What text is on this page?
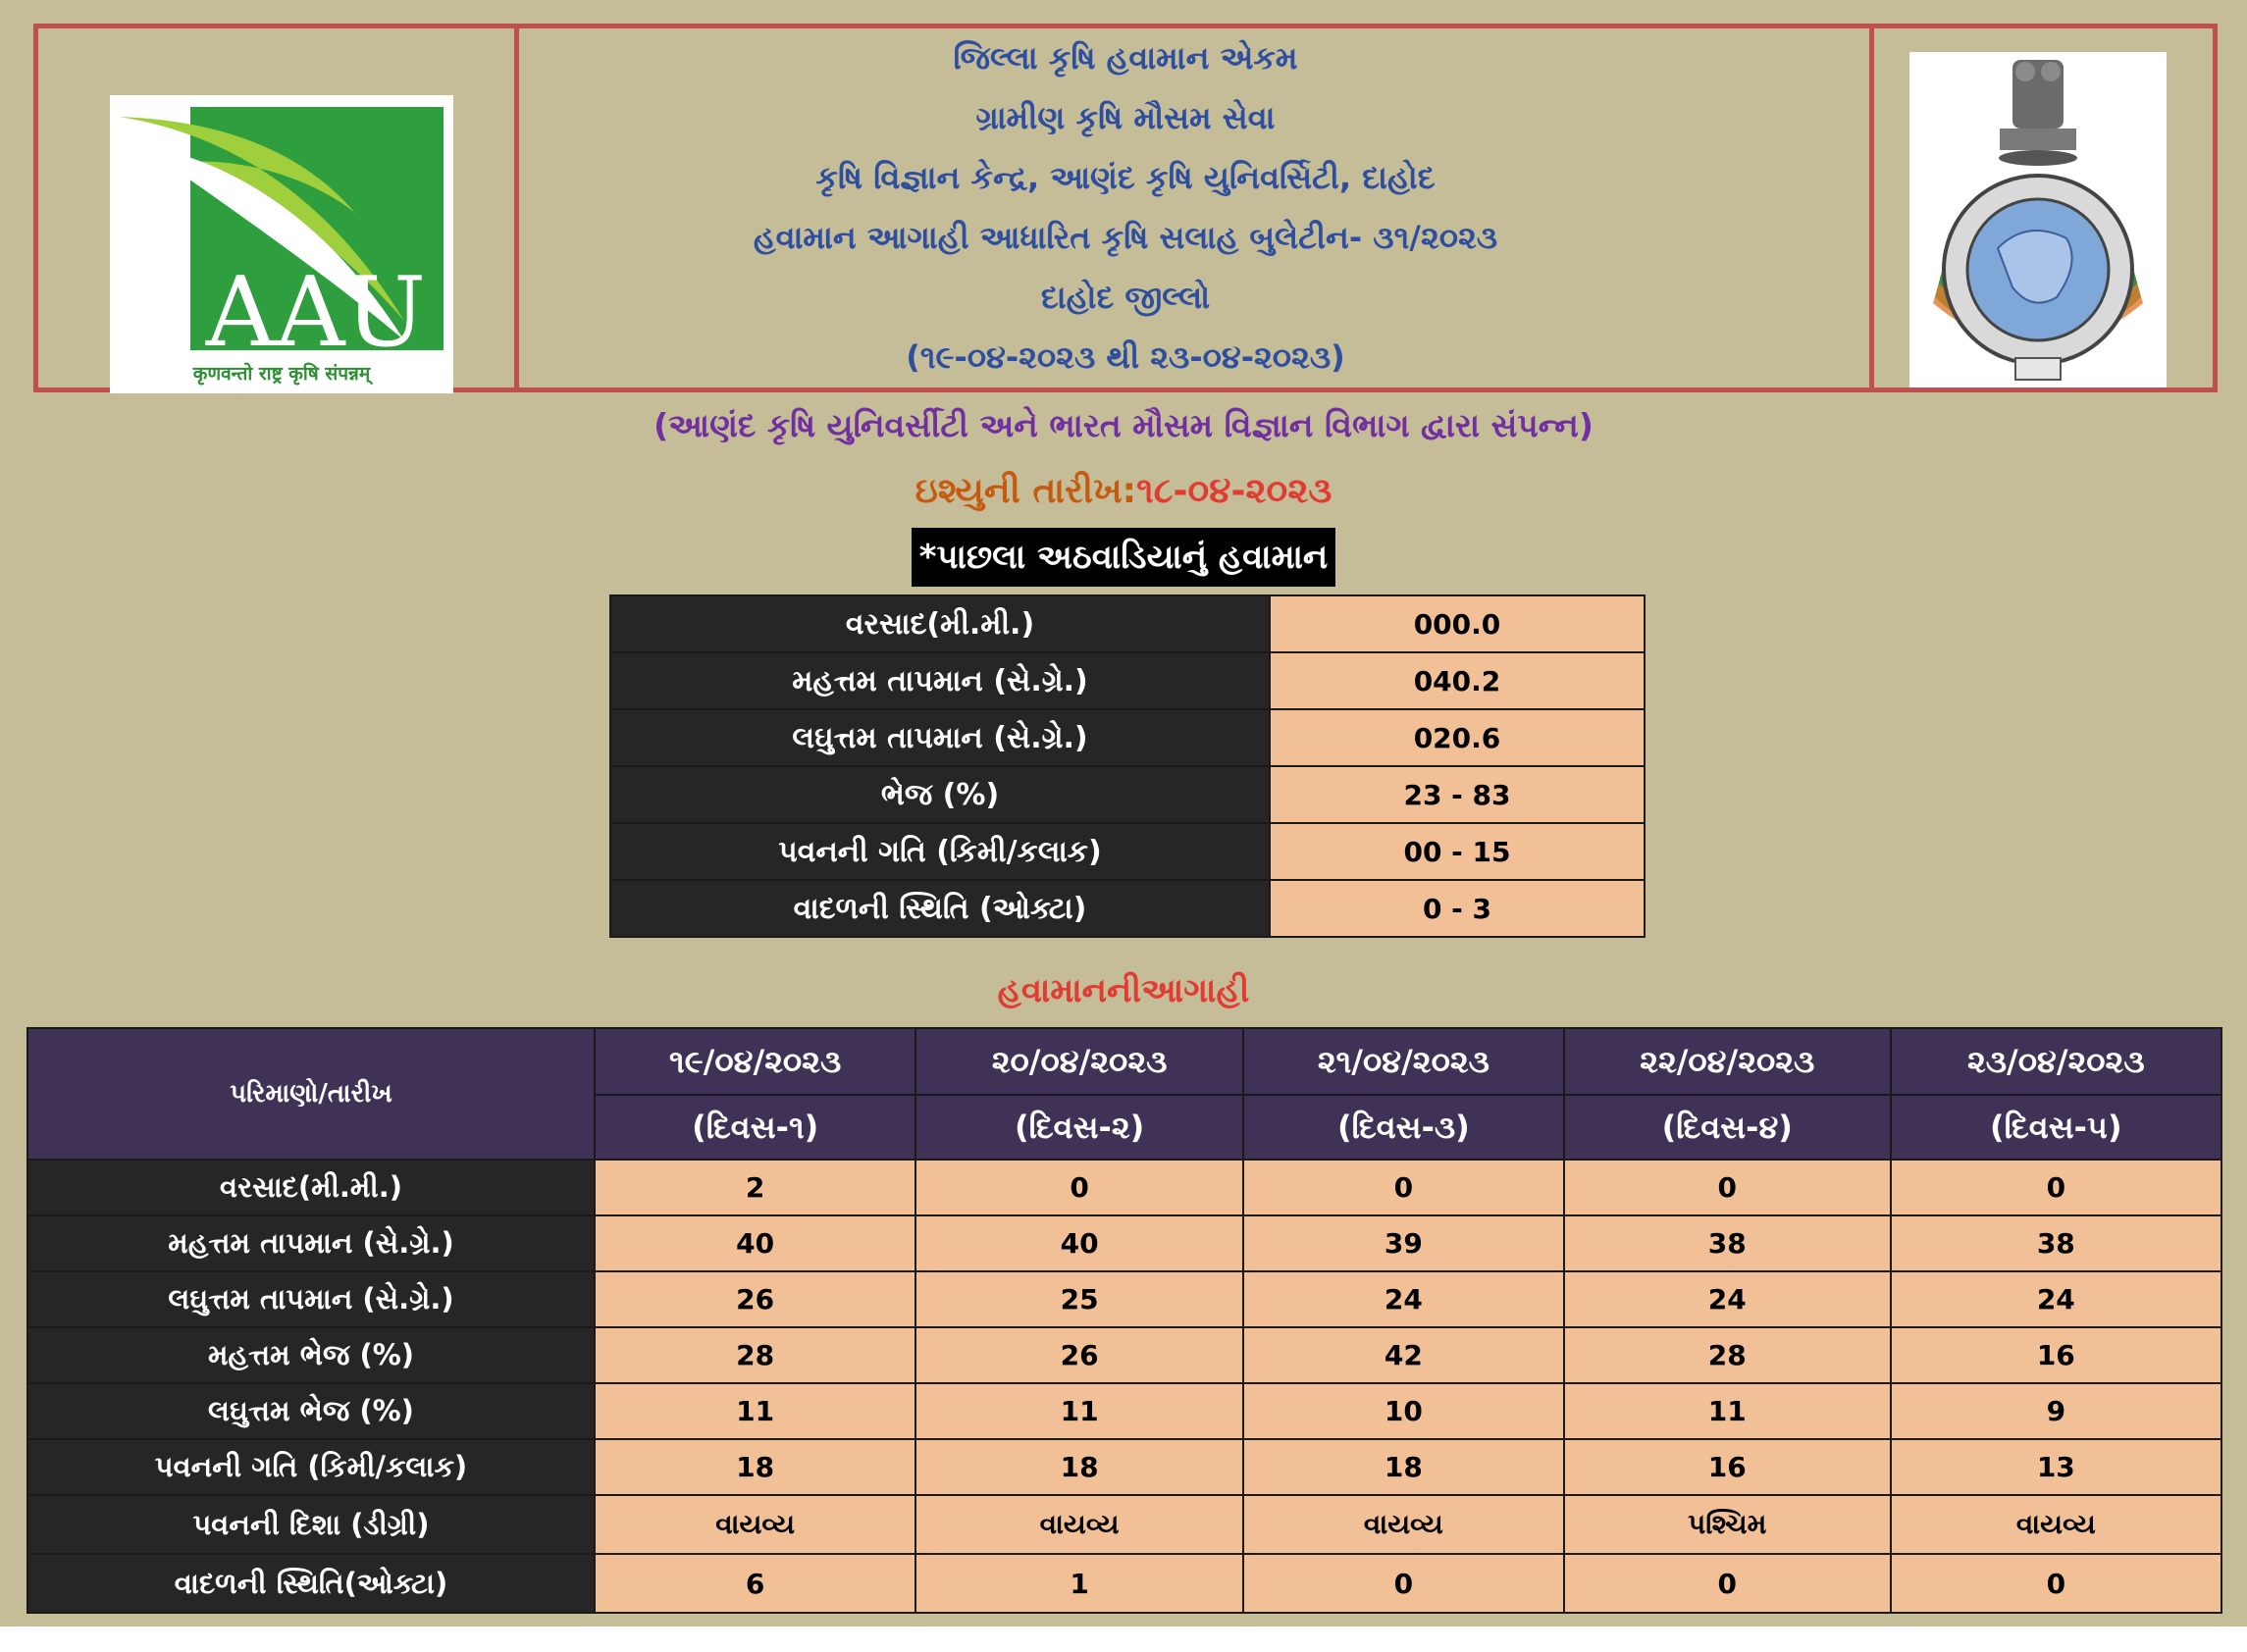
AAU
कृणवन्तो राष्ट्र कृषि संपन्नम्
જિલ્લા કૃષિ હવામાન એકમ
ગ્રામીણ કૃષિ મૌસમ સેવા
કૃષિ વિજ્ઞાન કેન્દ્ર, આણંદ કૃષિ યુનિવર્સિટી, દાહોદ
હવામાન આગાહી આધારિત કૃષિ સલાહ બુલેટીન- ૩૧/૨૦૨૩
દાહોદ જીલ્લો
(૧૯-૦૪-૨૦૨૩ થી ૨૩-૦૪-૨૦૨૩)
(આણંદ કૃષિ યુનિવર્સીટી અને ભારત મૌસમ વિજ્ઞાન વિભાગ દ્વારા સંપન્ન)
ઇશ્યુની તારીખ:૧૮-૦૪-૨૦૨૩
*પાછલા અઠવાડિયાનું હવામાન
વરસાદ(મી.મી.)	000.0
મહત્તમ તાપમાન (સે.ગ્રે.)	040.2
લઘુત્તમ તાપમાન (સે.ગ્રે.)	020.6
ભેજ (%)	23 - 83
પવનની ગતિ (કિમી/કલાક)	00 - 15
વાદળની સ્થિતિ (ઓક્ટા)	0 - 3
હવામાનનીઆગાહી
પરિમાણો/તારીખ	૧૯/૦૪/૨૦૨૩	૨૦/૦૪/૨૦૨૩	૨૧/૦૪/૨૦૨૩	૨૨/૦૪/૨૦૨૩	૨૩/૦૪/૨૦૨૩
	(દિવસ-૧)	(દિવસ-૨)	(દિવસ-૩)	(દિવસ-૪)	(દિવસ-૫)
વરસાદ(મી.મી.)	2	0	0	0	0
મહત્તમ તાપમાન (સે.ગ્રે.)	40	40	39	38	38
લઘુત્તમ તાપમાન (સે.ગ્રે.)	26	25	24	24	24
મહત્તમ ભેજ (%)	28	26	42	28	16
લઘુત્તમ ભેજ (%)	11	11	10	11	9
પવનની ગતિ (કિમી/કલાક)	18	18	18	16	13
પવનની દિશા (ડીગ્રી)	વાયવ્ય	વાયવ્ય	વાયવ્ય	પશ્ચિમ	વાયવ્ય
વાદળની સ્થિતિ(ઓક્ટા)	6	1	0	0	0
